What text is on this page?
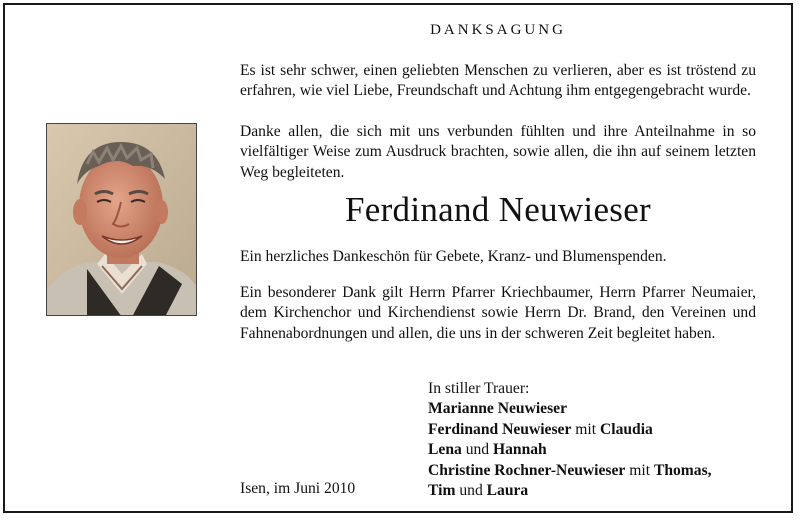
DANKSAGUNG

Es ist sehr schwer, einen geliebten Menschen zu verlieren, aber es ist tröstend zu erfahren, wie viel Liebe, Freundschaft und Achtung ihm entgegengebracht wurde.

Danke allen, die sich mit uns verbunden fühlten und ihre Anteilnahme in so vielfältiger Weise zum Ausdruck brachten, sowie allen, die ihn auf seinem letzten Weg begleiteten.

Ferdinand Neuwieser

Ein herzliches Dankeschön für Gebete, Kranz- und Blumenspenden.

Ein besonderer Dank gilt Herrn Pfarrer Kriechbaumer, Herrn Pfarrer Neumaier, dem Kirchenchor und Kirchendienst sowie Herrn Dr. Brand, den Vereinen und Fahnenabordnungen und allen, die uns in der schweren Zeit begleitet haben.

In stiller Trauer:
Marianne Neuwieser
Ferdinand Neuwieser mit Claudia
Lena und Hannah
Christine Rochner-Neuwieser mit Thomas,
Tim und Laura
Isen, im Juni 2010
